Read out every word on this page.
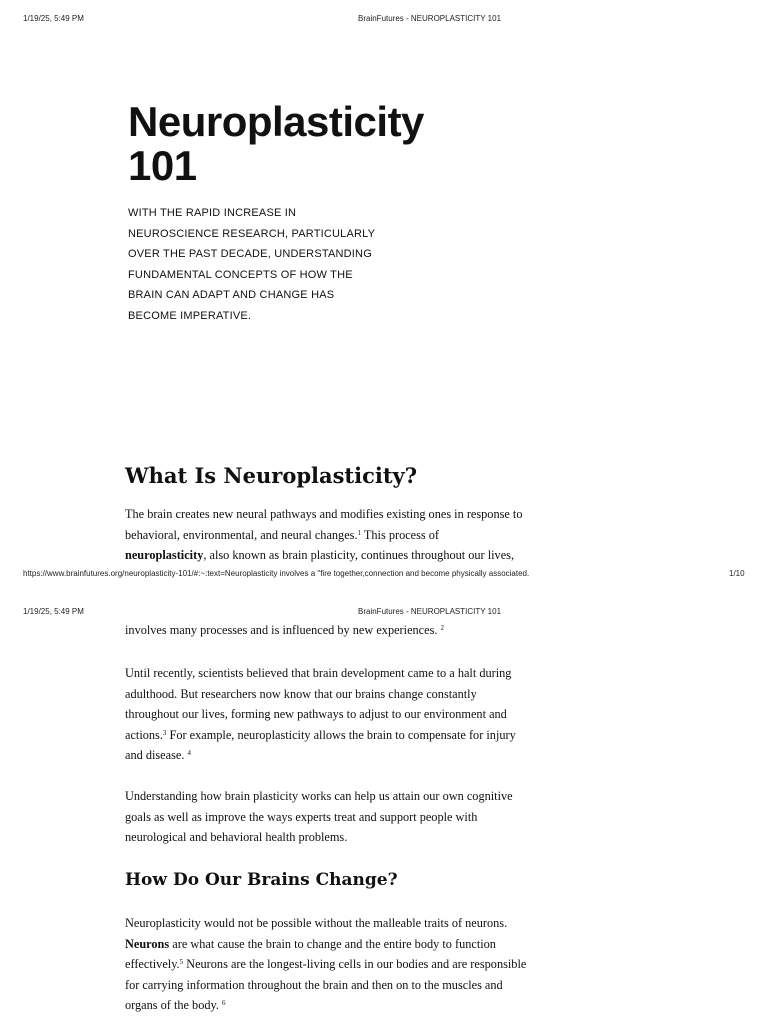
1/19/25, 5:49 PM	BrainFutures - NEUROPLASTICITY 101
Neuroplasticity
101

WITH THE RAPID INCREASE IN
NEUROSCIENCE RESEARCH, PARTICULARLY
OVER THE PAST DECADE, UNDERSTANDING
FUNDAMENTAL CONCEPTS OF HOW THE
BRAIN CAN ADAPT AND CHANGE HAS
BECOME IMPERATIVE.

What Is Neuroplasticity?

The brain creates new neural pathways and modifies existing ones in response to
behavioral, environmental, and neural changes.$^1$ This process of
neuroplasticity, also known as brain plasticity, continues throughout our lives,

https://www.brainfutures.org/neuroplasticity-101/#:~:text=Neuroplasticity involves a "fire together,connection and become physically associated.	1/10
1/19/25, 5:49 PM	BrainFutures - NEUROPLASTICITY 101

involves many processes and is influenced by new experiences. $^2$

Until recently, scientists believed that brain development came to a halt during
adulthood. But researchers now know that our brains change constantly
throughout our lives, forming new pathways to adjust to our environment and
actions.$^3$ For example, neuroplasticity allows the brain to compensate for injury
and disease. $^4$

Understanding how brain plasticity works can help us attain our own cognitive
goals as well as improve the ways experts treat and support people with
neurological and behavioral health problems.

How Do Our Brains Change?

Neuroplasticity would not be possible without the malleable traits of neurons.
Neurons are what cause the brain to change and the entire body to function
effectively.$^5$ Neurons are the longest-living cells in our bodies and are responsible
for carrying information throughout the brain and then on to the muscles and
organs of the body. $^6$
